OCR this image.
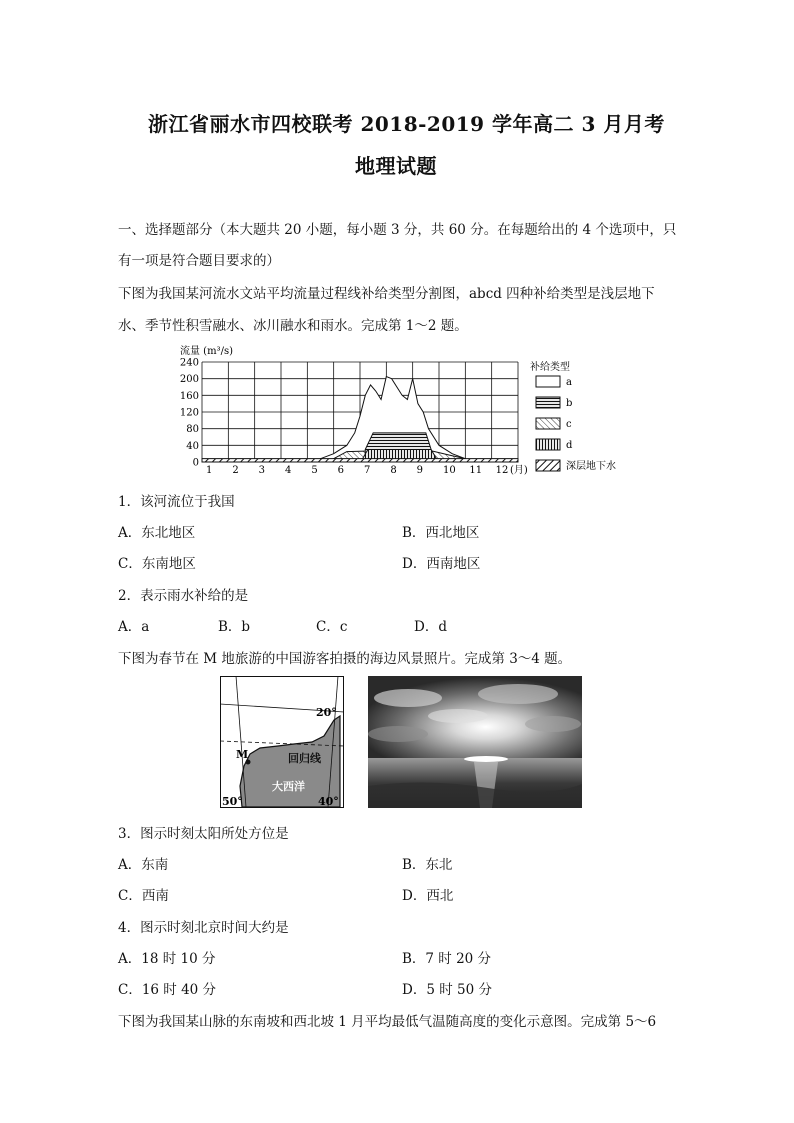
浙江省丽水市四校联考 2018-2019 学年高二 3 月月考
地理试题
一、选择题部分（本大题共 20 小题，每小题 3 分，共 60 分。在每题给出的 4 个选项中，只
有一项是符合题目要求的）
下图为我国某河流水文站平均流量过程线补给类型分割图，abcd 四种补给类型是浅层地下
水、季节性积雪融水、冰川融水和雨水。完成第 1～2 题。
流量 (m³/s)
240
200
160
120
80
40
0
1 2 3 4 5 6 7 8 9 10 11 12 (月)
补给类型
a
b
c
d
深层地下水
1．该河流位于我国
A．东北地区	B．西北地区
C．东南地区	D．西南地区
2．表示雨水补给的是
A．a	B．b	C．c	D．d
下图为春节在 M 地旅游的中国游客拍摄的海边风景照片。完成第 3～4 题。
M
20°
回归线
大西洋
50°	40°
3．图示时刻太阳所处方位是
A．东南	B．东北
C．西南	D．西北
4．图示时刻北京时间大约是
A．18 时 10 分	B．7 时 20 分
C．16 时 40 分	D．5 时 50 分
下图为我国某山脉的东南坡和西北坡 1 月平均最低气温随高度的变化示意图。完成第 5～6
